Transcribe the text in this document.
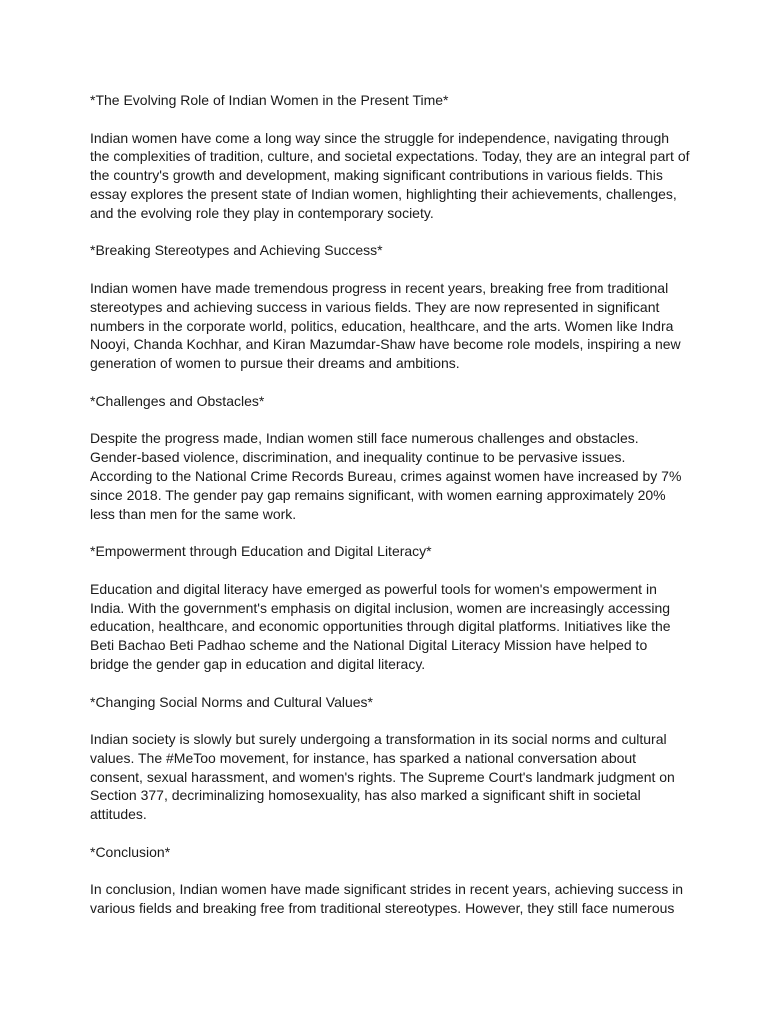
*The Evolving Role of Indian Women in the Present Time*

Indian women have come a long way since the struggle for independence, navigating through the complexities of tradition, culture, and societal expectations. Today, they are an integral part of the country's growth and development, making significant contributions in various fields. This essay explores the present state of Indian women, highlighting their achievements, challenges, and the evolving role they play in contemporary society.

*Breaking Stereotypes and Achieving Success*

Indian women have made tremendous progress in recent years, breaking free from traditional stereotypes and achieving success in various fields. They are now represented in significant numbers in the corporate world, politics, education, healthcare, and the arts. Women like Indra Nooyi, Chanda Kochhar, and Kiran Mazumdar-Shaw have become role models, inspiring a new generation of women to pursue their dreams and ambitions.

*Challenges and Obstacles*

Despite the progress made, Indian women still face numerous challenges and obstacles. Gender-based violence, discrimination, and inequality continue to be pervasive issues. According to the National Crime Records Bureau, crimes against women have increased by 7% since 2018. The gender pay gap remains significant, with women earning approximately 20% less than men for the same work.

*Empowerment through Education and Digital Literacy*

Education and digital literacy have emerged as powerful tools for women's empowerment in India. With the government's emphasis on digital inclusion, women are increasingly accessing education, healthcare, and economic opportunities through digital platforms. Initiatives like the Beti Bachao Beti Padhao scheme and the National Digital Literacy Mission have helped to bridge the gender gap in education and digital literacy.

*Changing Social Norms and Cultural Values*

Indian society is slowly but surely undergoing a transformation in its social norms and cultural values. The #MeToo movement, for instance, has sparked a national conversation about consent, sexual harassment, and women's rights. The Supreme Court's landmark judgment on Section 377, decriminalizing homosexuality, has also marked a significant shift in societal attitudes.

*Conclusion*

In conclusion, Indian women have made significant strides in recent years, achieving success in various fields and breaking free from traditional stereotypes. However, they still face numerous
